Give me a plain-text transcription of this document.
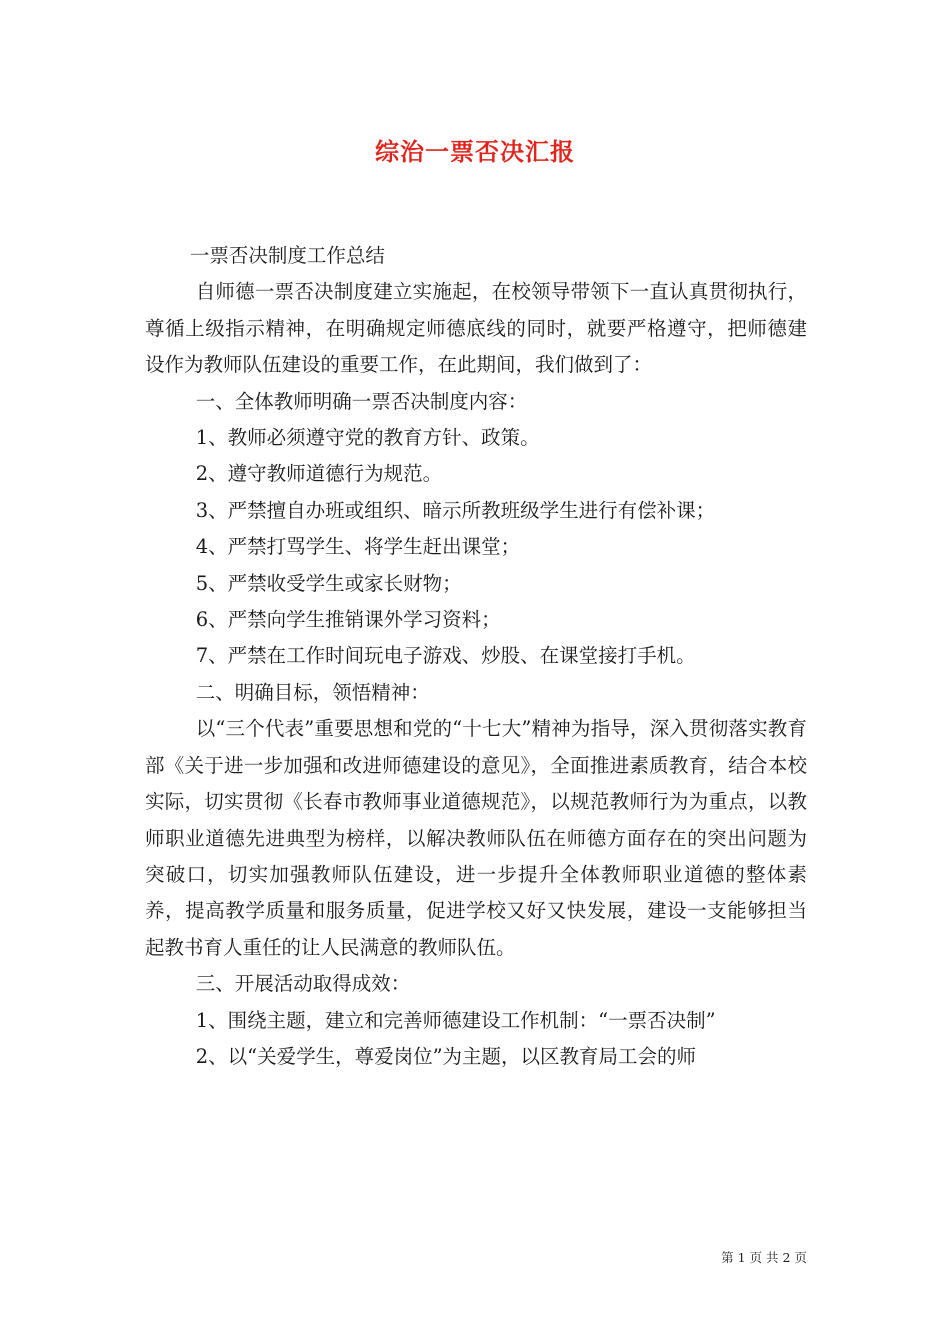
综治一票否决汇报

一票否决制度工作总结

自师德一票否决制度建立实施起，在校领导带领下一直认真贯彻执行，尊循上级指示精神，在明确规定师德底线的同时，就要严格遵守，把师德建设作为教师队伍建设的重要工作，在此期间，我们做到了：

一、全体教师明确一票否决制度内容：

1、教师必须遵守党的教育方针、政策。

2、遵守教师道德行为规范。

3、严禁擅自办班或组织、暗示所教班级学生进行有偿补课；

4、严禁打骂学生、将学生赶出课堂；

5、严禁收受学生或家长财物；

6、严禁向学生推销课外学习资料；

7、严禁在工作时间玩电子游戏、炒股、在课堂接打手机。

二、明确目标，领悟精神：

以“三个代表”重要思想和党的“十七大”精神为指导，深入贯彻落实教育部《关于进一步加强和改进师德建设的意见》，全面推进素质教育，结合本校实际，切实贯彻《长春市教师事业道德规范》，以规范教师行为为重点，以教师职业道德先进典型为榜样，以解决教师队伍在师德方面存在的突出问题为突破口，切实加强教师队伍建设，进一步提升全体教师职业道德的整体素养，提高教学质量和服务质量，促进学校又好又快发展，建设一支能够担当起教书育人重任的让人民满意的教师队伍。

三、开展活动取得成效：

1、围绕主题，建立和完善师德建设工作机制：“一票否决制”

2、以“关爱学生，尊爱岗位”为主题，以区教育局工会的师

第 1 页 共 2 页
